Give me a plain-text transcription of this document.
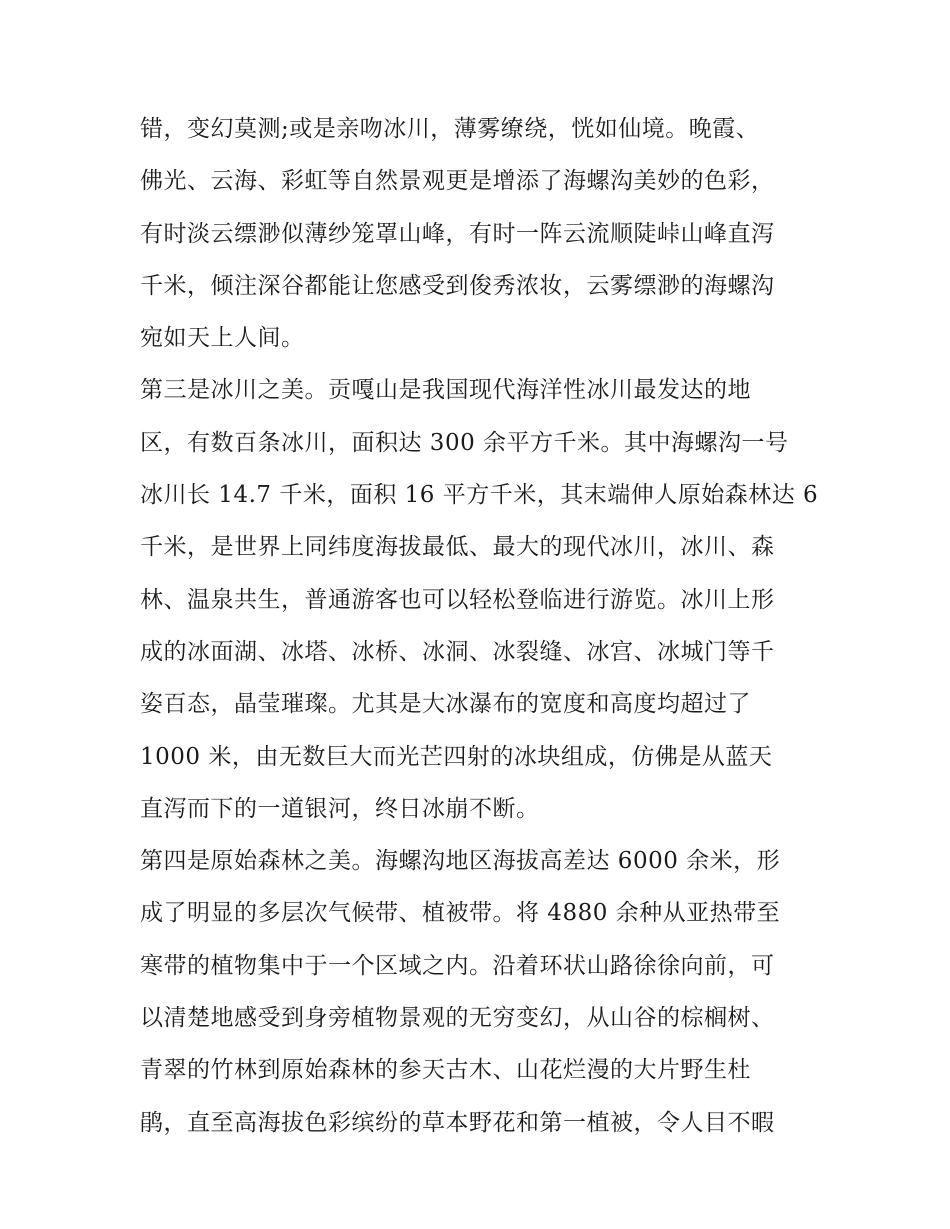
错，变幻莫测;或是亲吻冰川，薄雾缭绕，恍如仙境。晚霞、
佛光、云海、彩虹等自然景观更是增添了海螺沟美妙的色彩，
有时淡云缥渺似薄纱笼罩山峰，有时一阵云流顺陡峠山峰直泻
千米，倾注深谷都能让您感受到俊秀浓妆，云雾缥渺的海螺沟
宛如天上人间。
第三是冰川之美。贡嘎山是我国现代海洋性冰川最发达的地
区，有数百条冰川，面积达 300 余平方千米。其中海螺沟一号
冰川长 14.7 千米，面积 16 平方千米，其末端伸人原始森林达 6
千米，是世界上同纬度海拔最低、最大的现代冰川，冰川、森
林、温泉共生，普通游客也可以轻松登临进行游览。冰川上形
成的冰面湖、冰塔、冰桥、冰洞、冰裂缝、冰宫、冰城门等千
姿百态，晶莹璀璨。尤其是大冰瀑布的宽度和高度均超过了
1000 米，由无数巨大而光芒四射的冰块组成，仿佛是从蓝天
直泻而下的一道银河，终日冰崩不断。
第四是原始森林之美。海螺沟地区海拔高差达 6000 余米，形
成了明显的多层次气候带、植被带。将 4880 余种从亚热带至
寒带的植物集中于一个区域之内。沿着环状山路徐徐向前，可
以清楚地感受到身旁植物景观的无穷变幻，从山谷的棕榈树、
青翠的竹林到原始森林的参天古木、山花烂漫的大片野生杜
鹃，直至高海拔色彩缤纷的草本野花和第一植被，令人目不暇
